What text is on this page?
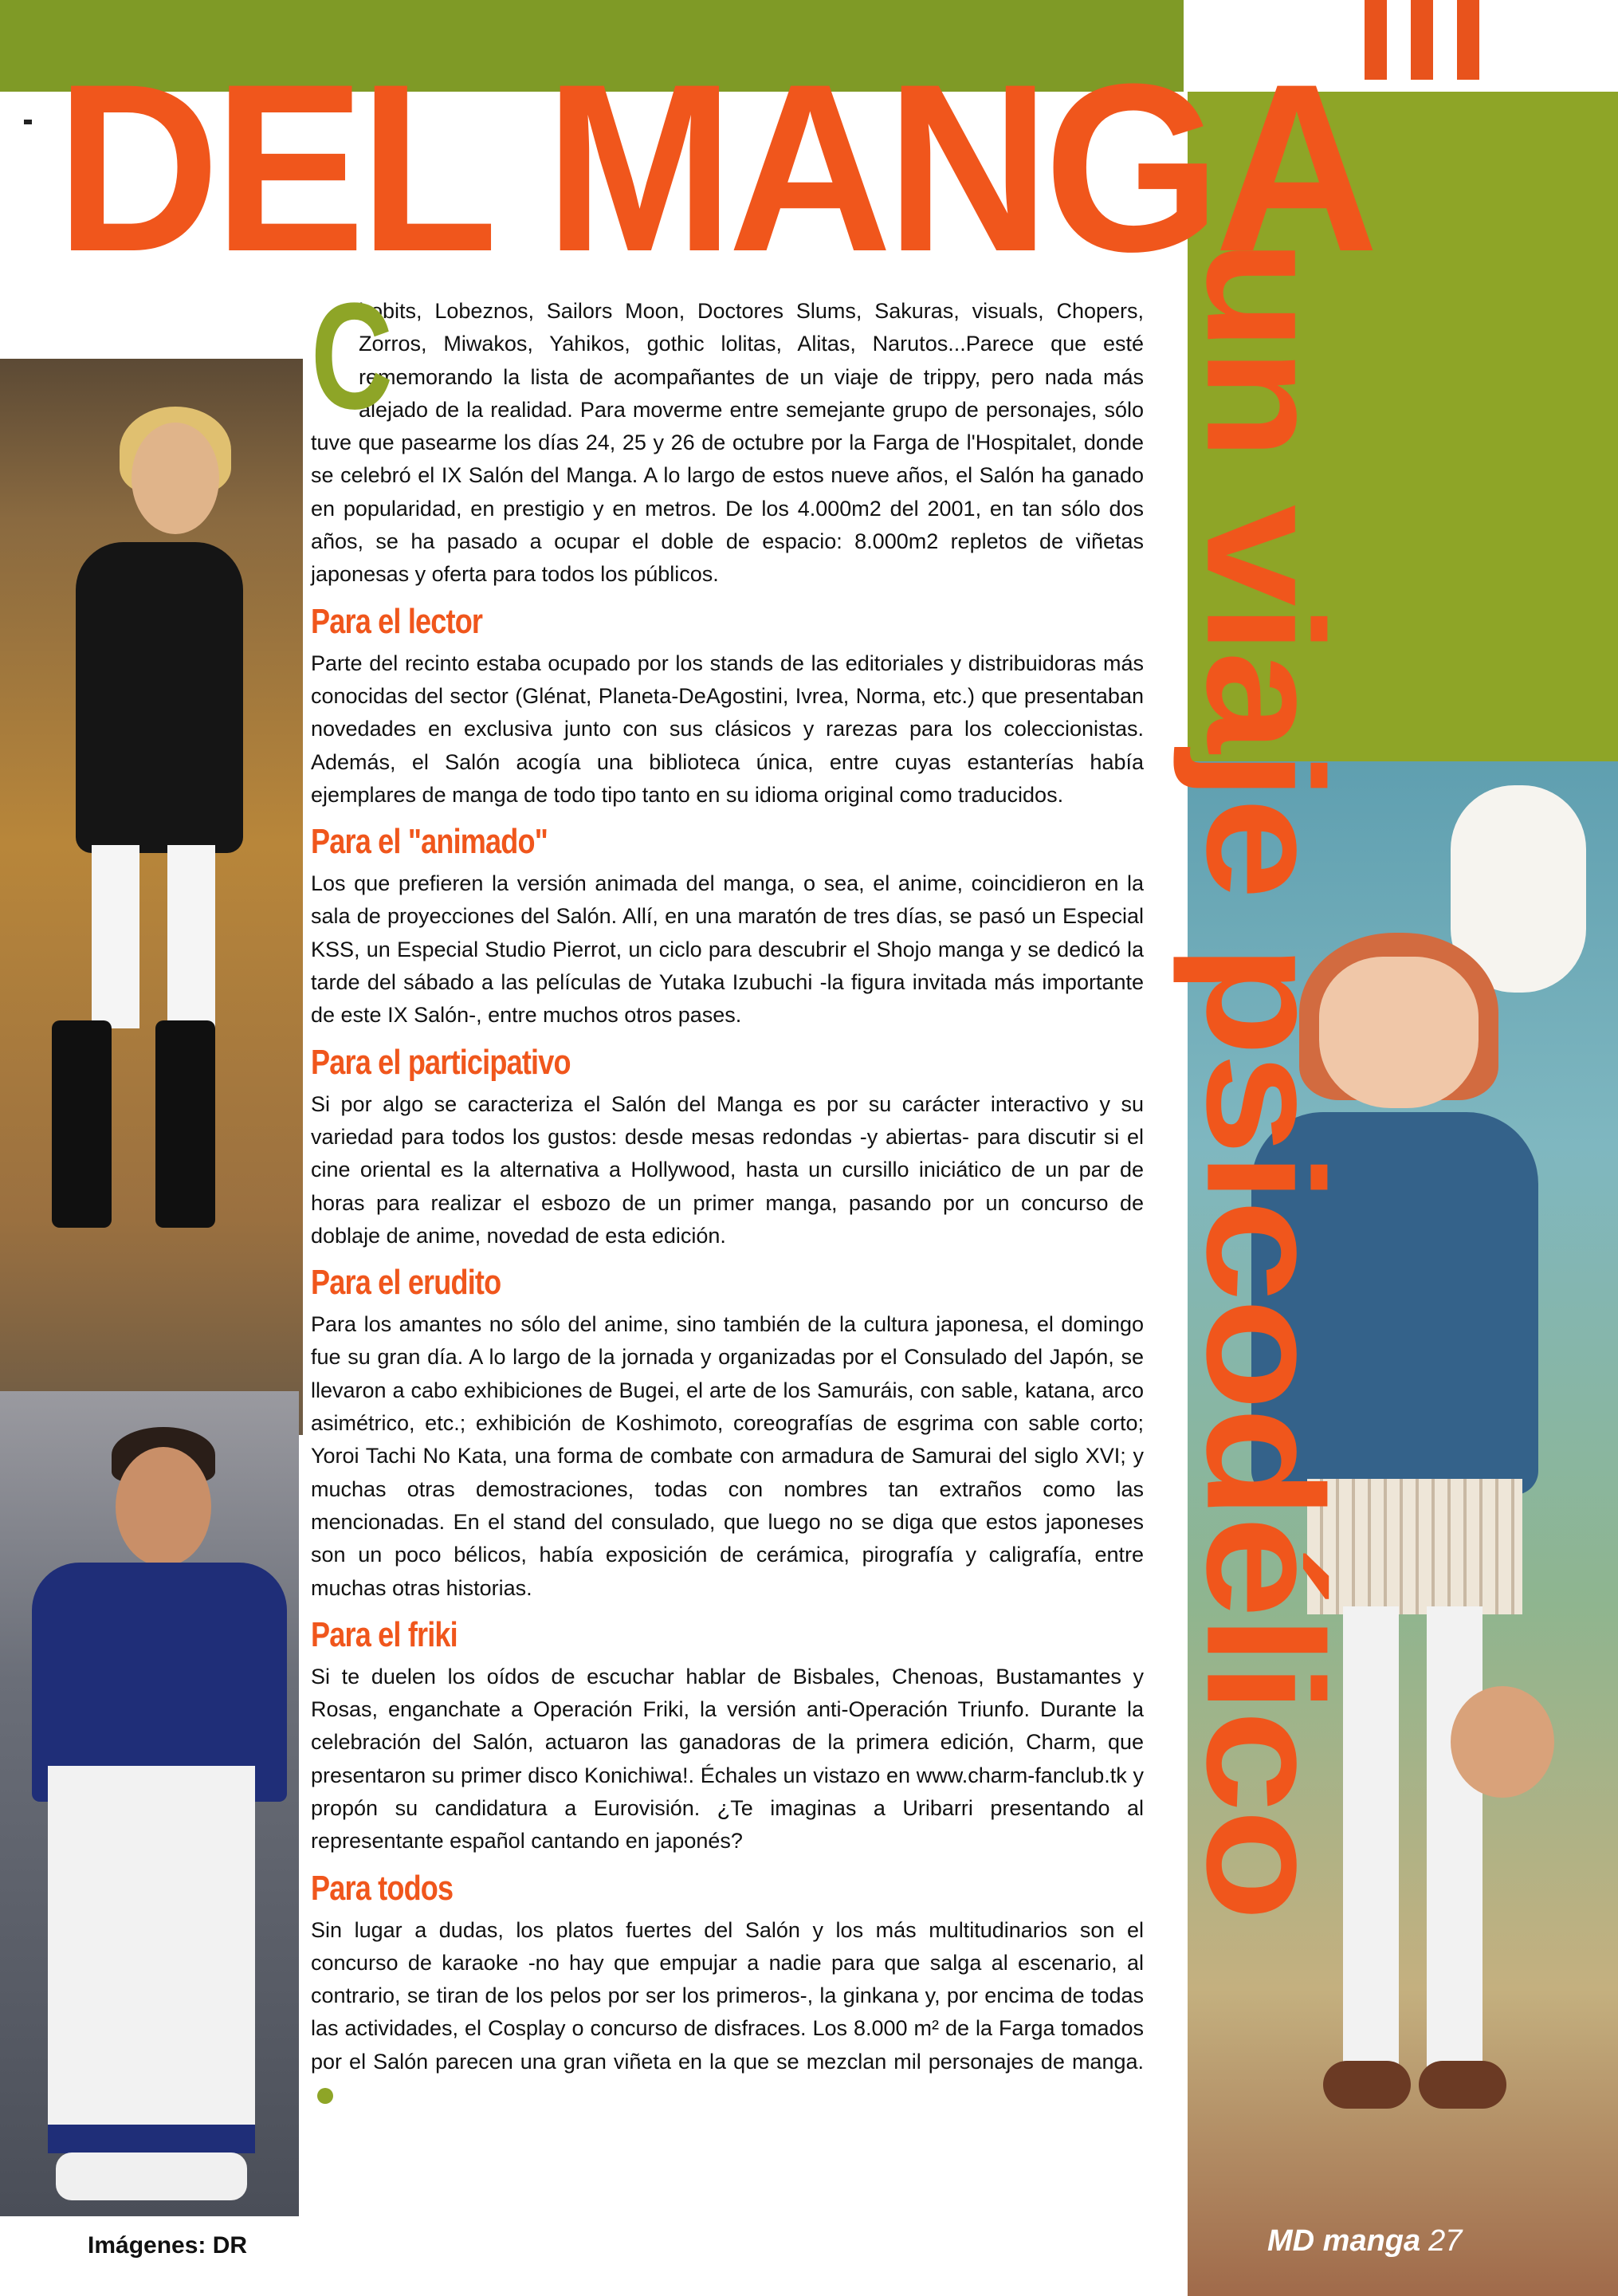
DEL MANGA
un viaje psicodélico

C
hobits, Lobeznos, Sailors Moon, Doctores Slums, Sakuras, visuals, Chopers, Zorros, Miwakos, Yahikos, gothic lolitas, Alitas, Narutos...Parece que esté rememorando la lista de acompañantes de un viaje de trippy, pero nada más alejado de la realidad. Para moverme entre semejante grupo de personajes, sólo tuve que pasearme los días 24, 25 y 26 de octubre por la Farga de l'Hospitalet, donde se celebró el IX Salón del Manga. A lo largo de estos nueve años, el Salón ha ganado en popularidad, en prestigio y en metros. De los 4.000m2 del 2001, en tan sólo dos años, se ha pasado a ocupar el doble de espacio: 8.000m2 repletos de viñetas japonesas y oferta para todos los públicos.

Para el lector

Parte del recinto estaba ocupado por los stands de las editoriales y distribuidoras más conocidas del sector (Glénat, Planeta-DeAgostini, Ivrea, Norma, etc.) que presentaban novedades en exclusiva junto con sus clásicos y rarezas para los coleccionistas. Además, el Salón acogía una biblioteca única, entre cuyas estanterías había ejemplares de manga de todo tipo tanto en su idioma original como traducidos.

Para el "animado"

Los que prefieren la versión animada del manga, o sea, el anime, coincidieron en la sala de proyecciones del Salón. Allí, en una maratón de tres días, se pasó un Especial KSS, un Especial Studio Pierrot, un ciclo para descubrir el Shojo manga y se dedicó la tarde del sábado a las películas de Yutaka Izubuchi -la figura invitada más importante de este IX Salón-, entre muchos otros pases.

Para el participativo

Si por algo se caracteriza el Salón del Manga es por su carácter interactivo y su variedad para todos los gustos: desde mesas redondas -y abiertas- para discutir si el cine oriental es la alternativa a Hollywood, hasta un cursillo iniciático de un par de horas para realizar el esbozo de un primer manga, pasando por un concurso de doblaje de anime, novedad de esta edición.

Para el erudito

Para los amantes no sólo del anime, sino también de la cultura japonesa, el domingo fue su gran día. A lo largo de la jornada y organizadas por el Consulado del Japón, se llevaron a cabo exhibiciones de Bugei, el arte de los Samuráis, con sable, katana, arco asimétrico, etc.; exhibición de Koshimoto, coreografías de esgrima con sable corto; Yoroi Tachi No Kata, una forma de combate con armadura de Samurai del siglo XVI; y muchas otras demostraciones, todas con nombres tan extraños como las mencionadas. En el stand del consulado, que luego no se diga que estos japoneses son un poco bélicos, había exposición de cerámica, pirografía y caligrafía, entre muchas otras historias.

Para el friki

Si te duelen los oídos de escuchar hablar de Bisbales, Chenoas, Bustamantes y Rosas, enganchate a Operación Friki, la versión anti-Operación Triunfo. Durante la celebración del Salón, actuaron las ganadoras de la primera edición, Charm, que presentaron su primer disco Konichiwa!. Échales un vistazo en www.charm-fanclub.tk y propón su candidatura a Eurovisión. ¿Te imaginas a Uribarri presentando al representante español cantando en japonés?

Para todos

Sin lugar a dudas, los platos fuertes del Salón y los más multitudinarios son el concurso de karaoke -no hay que empujar a nadie para que salga al escenario, al contrario, se tiran de los pelos por ser los primeros-, la ginkana y, por encima de todas las actividades, el Cosplay o concurso de disfraces. Los 8.000 m² de la Farga tomados por el Salón parecen una gran viñeta en la que se mezclan mil personajes de manga.

Imágenes: DR	MD manga 27
